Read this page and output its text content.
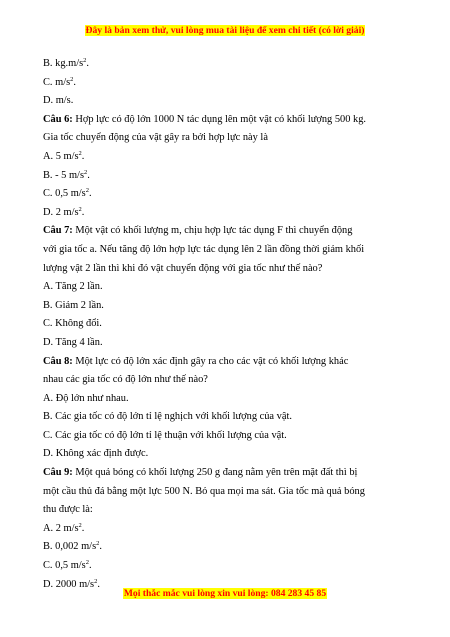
Đây là bản xem thử, vui lòng mua tài liệu để xem chi tiết (có lời giải)
B. $kg.m/s^2$.
C. $m/s^2$.
D. m/s.
Câu 6: Hợp lực có độ lớn 1000 N tác dụng lên một vật có khối lượng 500 kg.
Gia tốc chuyển động của vật gây ra bởi hợp lực này là
A. 5 $m/s^2$.
B. - 5 $m/s^2$.
C. 0,5 $m/s^2$.
D. 2 $m/s^2$.
Câu 7: Một vật có khối lượng m, chịu hợp lực tác dụng F thì chuyển động
với gia tốc a. Nếu tăng độ lớn hợp lực tác dụng lên 2 lần đồng thời giảm khối
lượng vật 2 lần thì khi đó vật chuyển động với gia tốc như thế nào?
A. Tăng 2 lần.
B. Giảm 2 lần.
C. Không đổi.
D. Tăng 4 lần.
Câu 8: Một lực có độ lớn xác định gây ra cho các vật có khối lượng khác
nhau các gia tốc có độ lớn như thế nào?
A. Độ lớn như nhau.
B. Các gia tốc có độ lớn tỉ lệ nghịch với khối lượng của vật.
C. Các gia tốc có độ lớn tỉ lệ thuận với khối lượng của vật.
D. Không xác định được.
Câu 9: Một quả bóng có khối lượng 250 g đang nằm yên trên mặt đất thì bị
một cầu thủ đá bằng một lực 500 N. Bỏ qua mọi ma sát. Gia tốc mà quả bóng
thu được là:
A. 2 $m/s^2$.
B. 0,002 $m/s^2$.
C. 0,5 $m/s^2$.
D. 2000 $m/s^2$.
Mọi thắc mắc vui lòng xin vui lòng: 084 283 45 85
